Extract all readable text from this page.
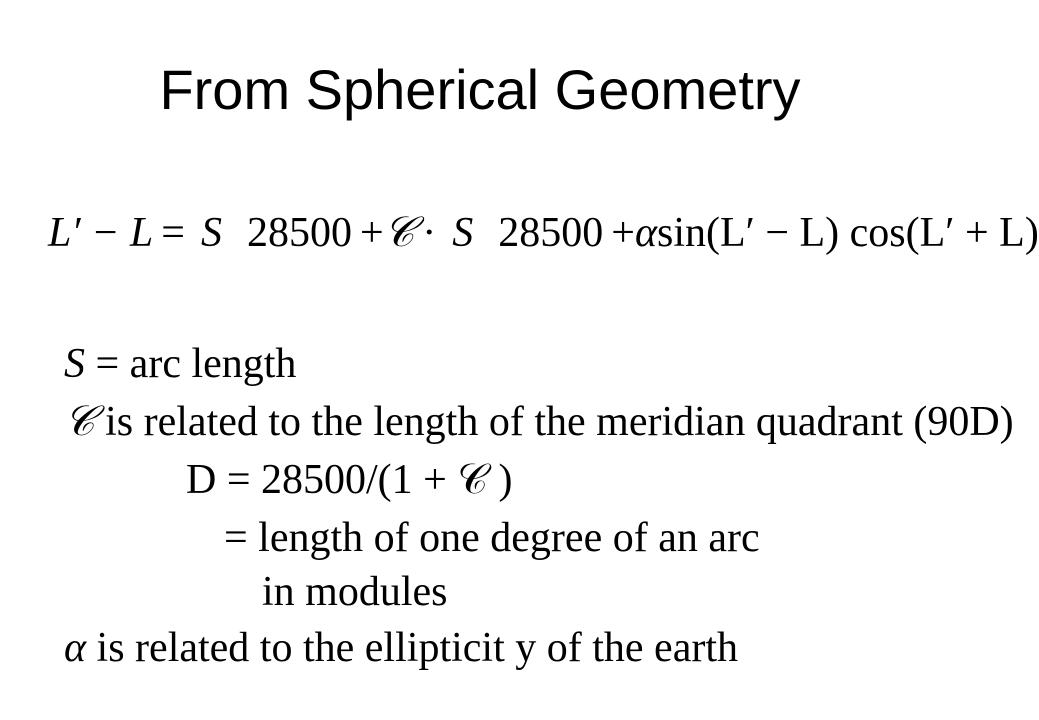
From Spherical Geometry
L′ − L = S 28500 + 𝒞 · S 28500 + α sin(L′ − L) cos(L′ + L)
S = arc length
𝒞 is related to the length of the meridian quadrant (90D)
D = 28500/(1 + 𝒞 )
= length of one degree of an arc
in modules
α is related to the ellipticit y of the earth
